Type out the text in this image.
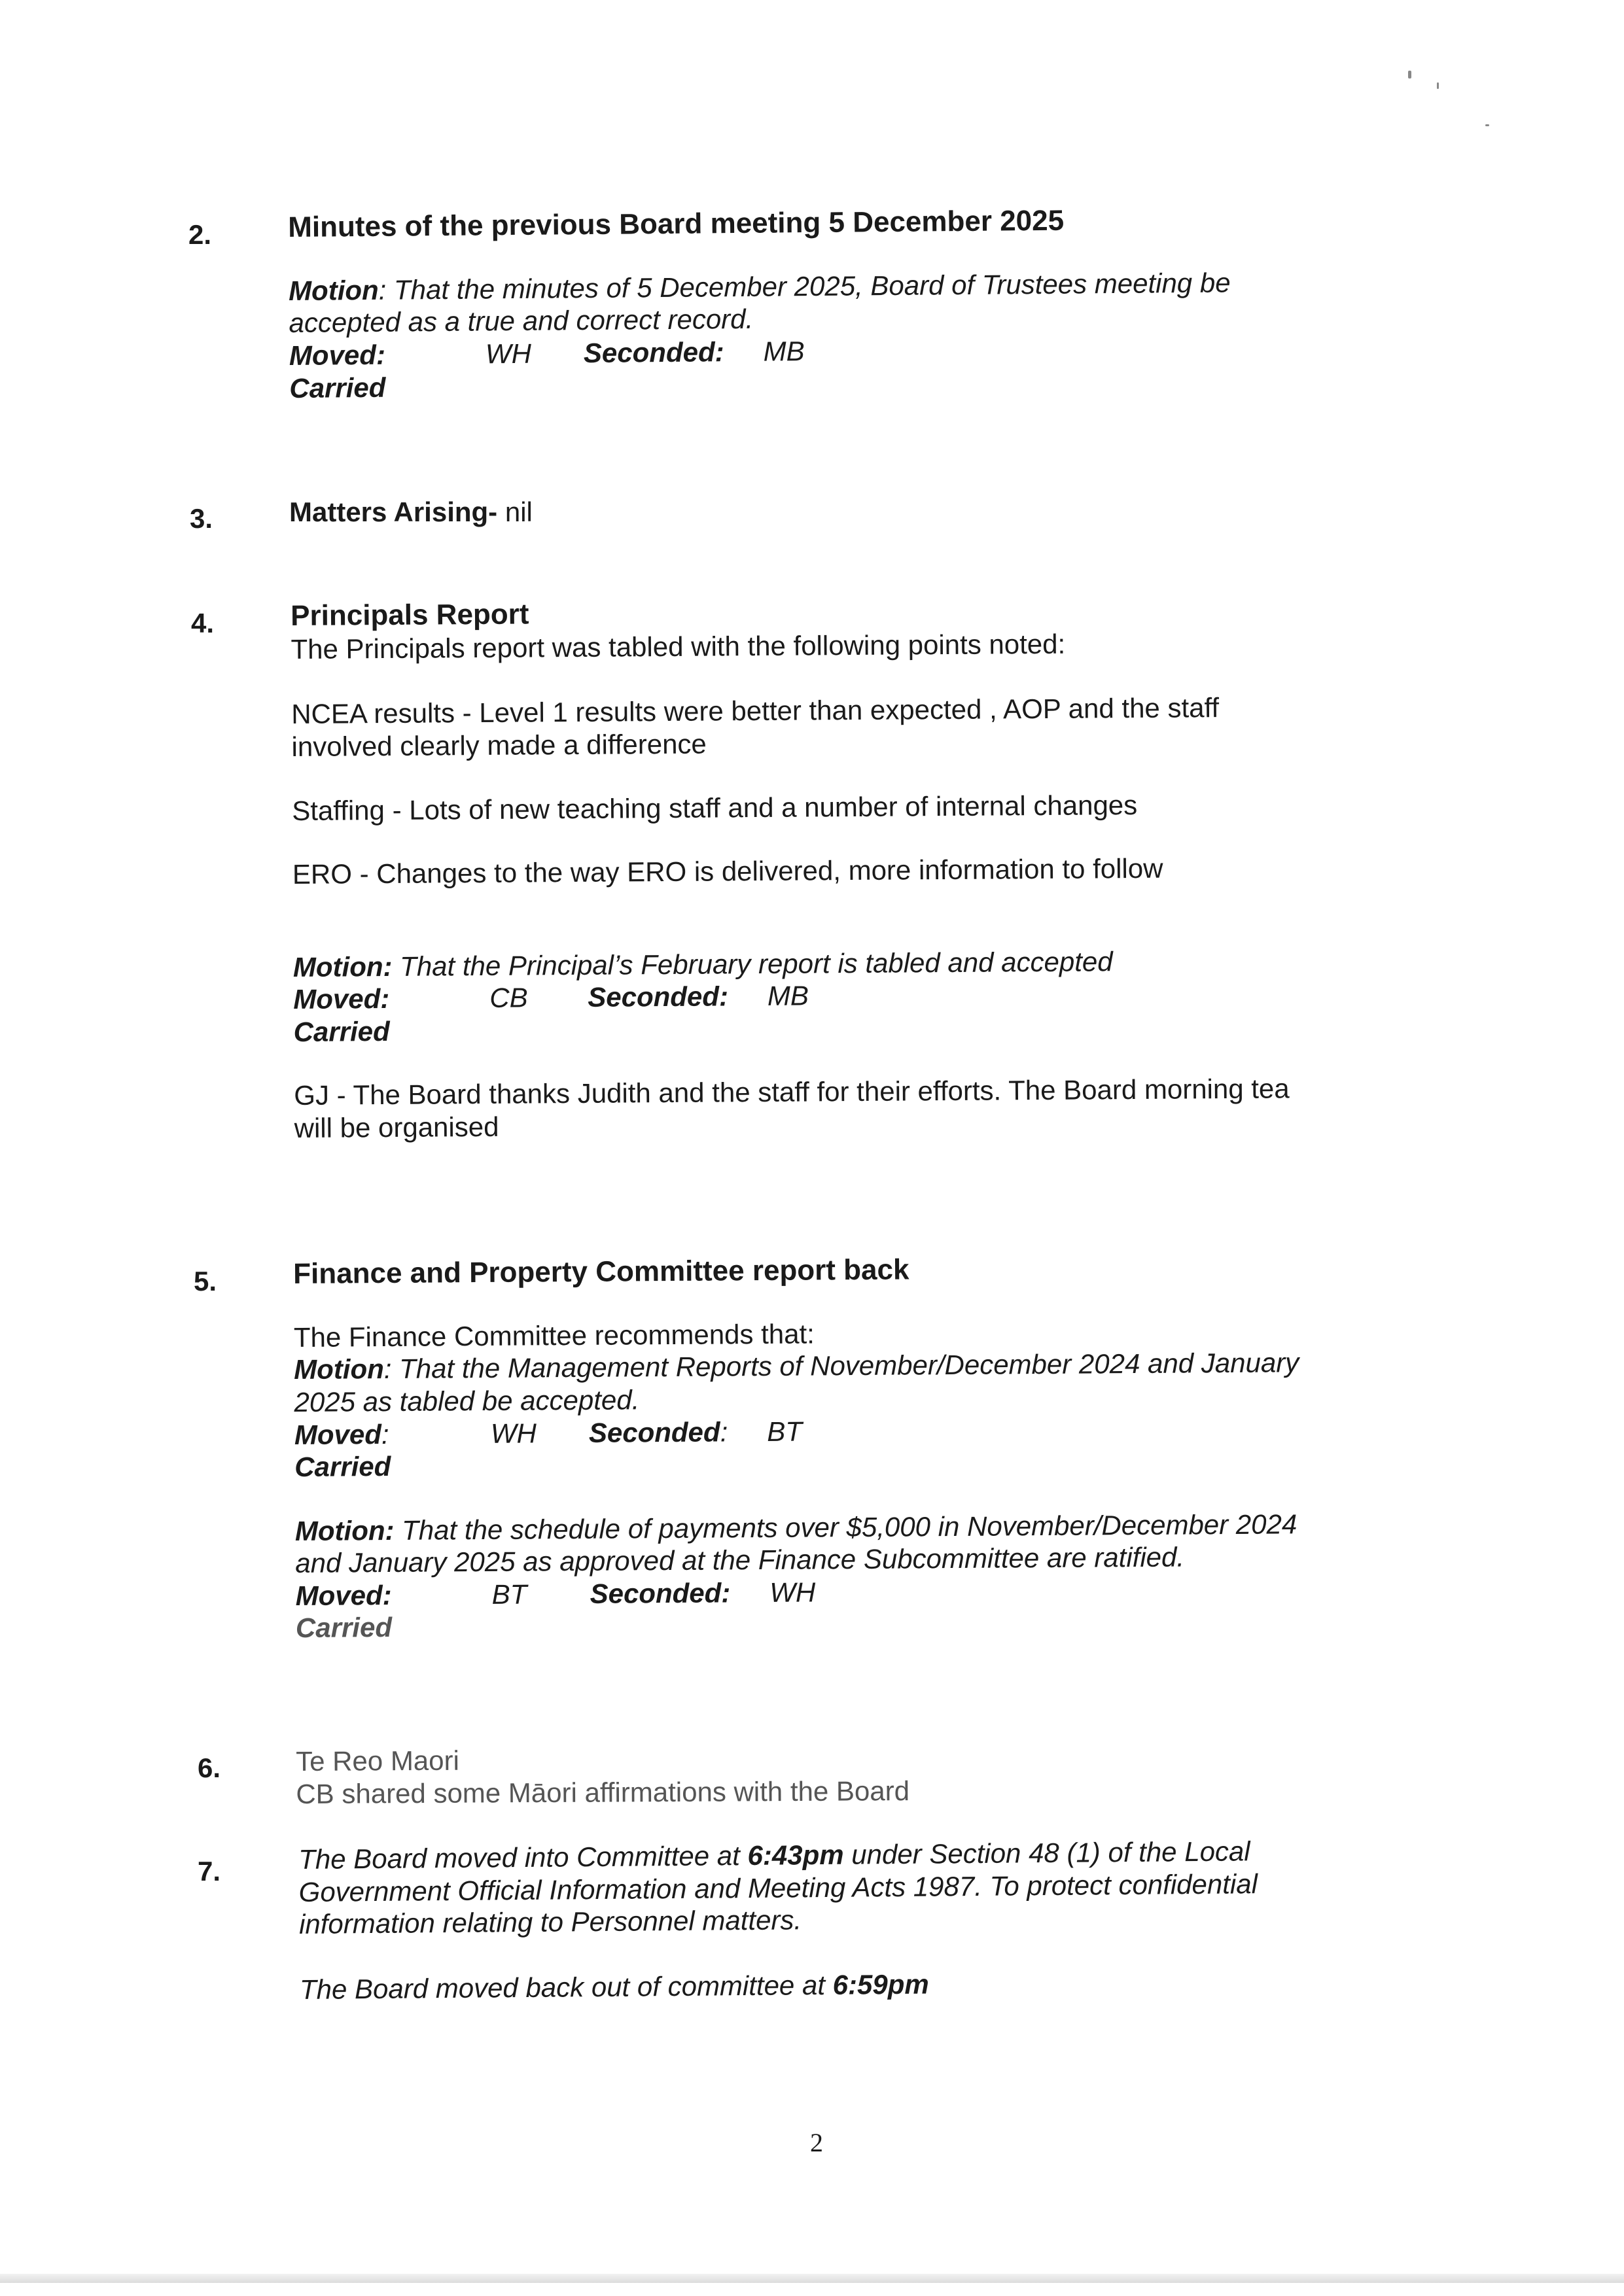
2.	Minutes of the previous Board meeting 5 December 2025
Motion: That the minutes of 5 December 2025, Board of Trustees meeting be
accepted as a true and correct record.
Moved:	WH Seconded: MB
Carried
3.	Matters Arising- nil
4.	Principals Report
The Principals report was tabled with the following points noted:
NCEA results - Level 1 results were better than expected , AOP and the staff
involved clearly made a difference
Staffing - Lots of new teaching staff and a number of internal changes
ERO - Changes to the way ERO is delivered, more information to follow
Motion: That the Principal’s February report is tabled and accepted
Moved:	CB Seconded: MB
Carried
GJ - The Board thanks Judith and the staff for their efforts. The Board morning tea
will be organised
5.	Finance and Property Committee report back
The Finance Committee recommends that:
Motion: That the Management Reports of November/December 2024 and January
2025 as tabled be accepted.
Moved:	WH Seconded: BT
Carried
Motion: That the schedule of payments over $5,000 in November/December 2024
and January 2025 as approved at the Finance Subcommittee are ratified.
Moved:	BT Seconded: WH
Carried
6.	Te Reo Maori
CB shared some Māori affirmations with the Board
7.	The Board moved into Committee at 6:43pm under Section 48 (1) of the Local
Government Official Information and Meeting Acts 1987. To protect confidential
information relating to Personnel matters.
The Board moved back out of committee at 6:59pm
2
